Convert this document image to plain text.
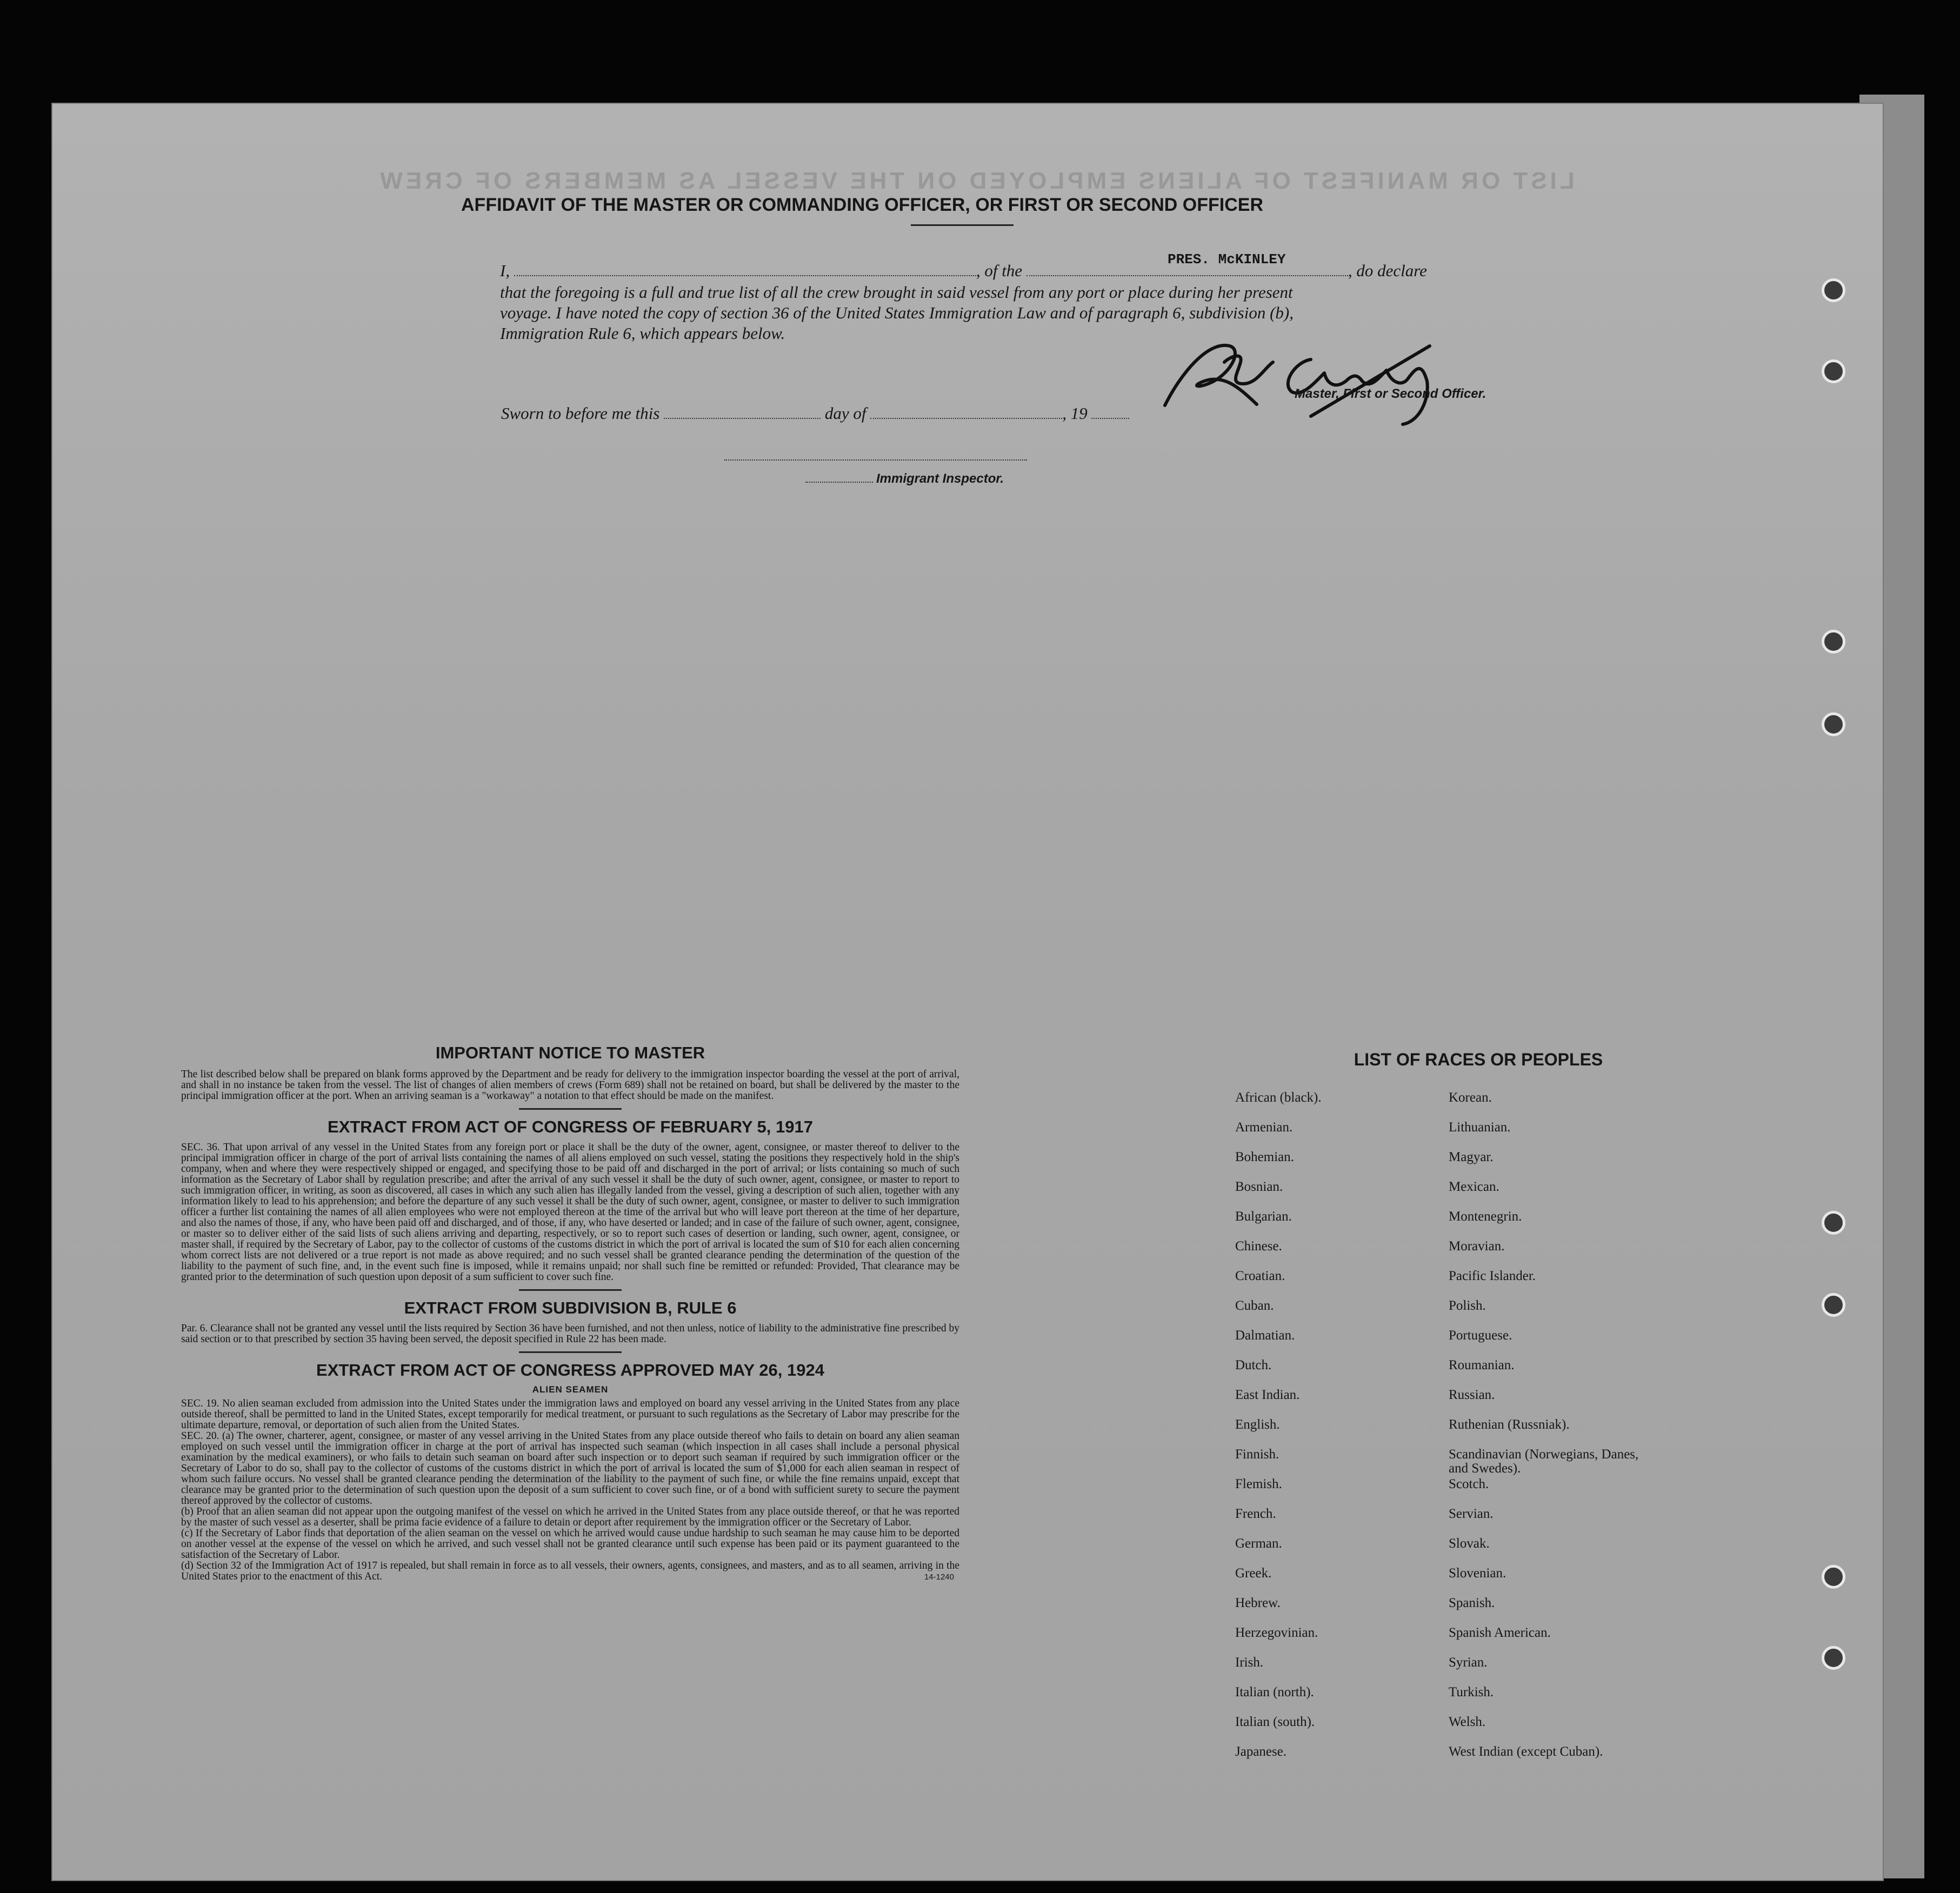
LIST OR MANIFEST OF ALIENS EMPLOYED ON THE VESSEL AS MEMBERS OF CREW
AFFIDAVIT OF THE MASTER OR COMMANDING OFFICER, OR FIRST OR SECOND OFFICER
I,	, of the	, do declare
PRES. McKINLEY
that the foregoing is a full and true list of all the crew brought in said vessel from any port or place during her present
voyage. I have noted the copy of section 36 of the United States Immigration Law and of paragraph 6, subdivision (b),
Immigration Rule 6, which appears below.
Master, First or Second Officer.
Sworn to before me this	day of	, 19
Immigrant Inspector.

IMPORTANT NOTICE TO MASTER

The list described below shall be prepared on blank forms approved by the Department and be ready for delivery to the immigration inspector boarding the vessel at the port of arrival, and shall in no instance be taken from the vessel. The list of changes of alien members of crews (Form 689) shall not be retained on board, but shall be delivered by the master to the principal immigration officer at the port. When an arriving seaman is a "workaway" a notation to that effect should be made on the manifest.

EXTRACT FROM ACT OF CONGRESS OF FEBRUARY 5, 1917

SEC. 36. That upon arrival of any vessel in the United States from any foreign port or place it shall be the duty of the owner, agent, consignee, or master thereof to deliver to the principal immigration officer in charge of the port of arrival lists containing the names of all aliens employed on such vessel, stating the positions they respectively hold in the ship's company, when and where they were respectively shipped or engaged, and specifying those to be paid off and discharged in the port of arrival; or lists containing so much of such information as the Secretary of Labor shall by regulation prescribe; and after the arrival of any such vessel it shall be the duty of such owner, agent, consignee, or master to report to such immigration officer, in writing, as soon as discovered, all cases in which any such alien has illegally landed from the vessel, giving a description of such alien, together with any information likely to lead to his apprehension; and before the departure of any such vessel it shall be the duty of such owner, agent, consignee, or master to deliver to such immigration officer a further list containing the names of all alien employees who were not employed thereon at the time of the arrival but who will leave port thereon at the time of her departure, and also the names of those, if any, who have been paid off and discharged, and of those, if any, who have deserted or landed; and in case of the failure of such owner, agent, consignee, or master so to deliver either of the said lists of such aliens arriving and departing, respectively, or so to report such cases of desertion or landing, such owner, agent, consignee, or master shall, if required by the Secretary of Labor, pay to the collector of customs of the customs district in which the port of arrival is located the sum of $10 for each alien concerning whom correct lists are not delivered or a true report is not made as above required; and no such vessel shall be granted clearance pending the determination of the question of the liability to the payment of such fine, and, in the event such fine is imposed, while it remains unpaid; nor shall such fine be remitted or refunded: Provided, That clearance may be granted prior to the determination of such question upon deposit of a sum sufficient to cover such fine.

EXTRACT FROM SUBDIVISION B, RULE 6

Par. 6. Clearance shall not be granted any vessel until the lists required by Section 36 have been furnished, and not then unless, notice of liability to the administrative fine prescribed by said section or to that prescribed by section 35 having been served, the deposit specified in Rule 22 has been made.

EXTRACT FROM ACT OF CONGRESS APPROVED MAY 26, 1924

ALIEN SEAMEN

SEC. 19. No alien seaman excluded from admission into the United States under the immigration laws and employed on board any vessel arriving in the United States from any place outside thereof, shall be permitted to land in the United States, except temporarily for medical treatment, or pursuant to such regulations as the Secretary of Labor may prescribe for the ultimate departure, removal, or deportation of such alien from the United States.

SEC. 20. (a) The owner, charterer, agent, consignee, or master of any vessel arriving in the United States from any place outside thereof who fails to detain on board any alien seaman employed on such vessel until the immigration officer in charge at the port of arrival has inspected such seaman (which inspection in all cases shall include a personal physical examination by the medical examiners), or who fails to detain such seaman on board after such inspection or to deport such seaman if required by such immigration officer or the Secretary of Labor to do so, shall pay to the collector of customs of the customs district in which the port of arrival is located the sum of $1,000 for each alien seaman in respect of whom such failure occurs. No vessel shall be granted clearance pending the determination of the liability to the payment of such fine, or while the fine remains unpaid, except that clearance may be granted prior to the determination of such question upon the deposit of a sum sufficient to cover such fine, or of a bond with sufficient surety to secure the payment thereof approved by the collector of customs.

(b) Proof that an alien seaman did not appear upon the outgoing manifest of the vessel on which he arrived in the United States from any place outside thereof, or that he was reported by the master of such vessel as a deserter, shall be prima facie evidence of a failure to detain or deport after requirement by the immigration officer or the Secretary of Labor.

(c) If the Secretary of Labor finds that deportation of the alien seaman on the vessel on which he arrived would cause undue hardship to such seaman he may cause him to be deported on another vessel at the expense of the vessel on which he arrived, and such vessel shall not be granted clearance until such expense has been paid or its payment guaranteed to the satisfaction of the Secretary of Labor.

(d) Section 32 of the Immigration Act of 1917 is repealed, but shall remain in force as to all vessels, their owners, agents, consignees, and masters, and as to all seamen, arriving in the United States prior to the enactment of this Act.	14-1240
LIST OF RACES OR PEOPLES
African (black).	Korean.
Armenian.	Lithuanian.
Bohemian.	Magyar.
Bosnian.	Mexican.
Bulgarian.	Montenegrin.
Chinese.	Moravian.
Croatian.	Pacific Islander.
Cuban.	Polish.
Dalmatian.	Portuguese.
Dutch.	Roumanian.
East Indian.	Russian.
English.	Ruthenian (Russniak).
Finnish.	Scandinavian (Norwegians, Danes, and Swedes).
Flemish.	Scotch.
French.	Servian.
German.	Slovak.
Greek.	Slovenian.
Hebrew.	Spanish.
Herzegovinian.	Spanish American.
Irish.	Syrian.
Italian (north).	Turkish.
Italian (south).	Welsh.
Japanese.	West Indian (except Cuban).
